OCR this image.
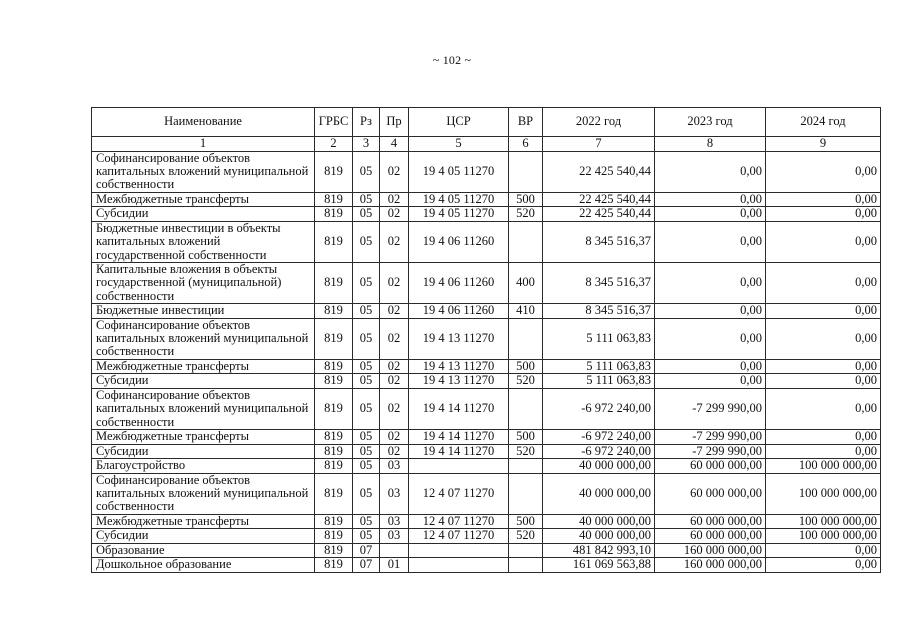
~ 102 ~
Наименование	ГРБС	Рз	Пр	ЦСР	ВР	2022 год	2023 год	2024 год
1	2	3	4	5	6	7	8	9
Софинансирование объектов капитальных вложений муниципальной собственности	819	05	02	19 4 05 11270		22 425 540,44	0,00	0,00
Межбюджетные трансферты	819	05	02	19 4 05 11270	500	22 425 540,44	0,00	0,00
Субсидии	819	05	02	19 4 05 11270	520	22 425 540,44	0,00	0,00
Бюджетные инвестиции в объекты капитальных вложений государственной собственности	819	05	02	19 4 06 11260		8 345 516,37	0,00	0,00
Капитальные вложения в объекты государственной (муниципальной) собственности	819	05	02	19 4 06 11260	400	8 345 516,37	0,00	0,00
Бюджетные инвестиции	819	05	02	19 4 06 11260	410	8 345 516,37	0,00	0,00
Софинансирование объектов капитальных вложений муниципальной собственности	819	05	02	19 4 13 11270		5 111 063,83	0,00	0,00
Межбюджетные трансферты	819	05	02	19 4 13 11270	500	5 111 063,83	0,00	0,00
Субсидии	819	05	02	19 4 13 11270	520	5 111 063,83	0,00	0,00
Софинансирование объектов капитальных вложений муниципальной собственности	819	05	02	19 4 14 11270		-6 972 240,00	-7 299 990,00	0,00
Межбюджетные трансферты	819	05	02	19 4 14 11270	500	-6 972 240,00	-7 299 990,00	0,00
Субсидии	819	05	02	19 4 14 11270	520	-6 972 240,00	-7 299 990,00	0,00
Благоустройство	819	05	03			40 000 000,00	60 000 000,00	100 000 000,00
Софинансирование объектов капитальных вложений муниципальной собственности	819	05	03	12 4 07 11270		40 000 000,00	60 000 000,00	100 000 000,00
Межбюджетные трансферты	819	05	03	12 4 07 11270	500	40 000 000,00	60 000 000,00	100 000 000,00
Субсидии	819	05	03	12 4 07 11270	520	40 000 000,00	60 000 000,00	100 000 000,00
Образование	819	07				481 842 993,10	160 000 000,00	0,00
Дошкольное образование	819	07	01			161 069 563,88	160 000 000,00	0,00
